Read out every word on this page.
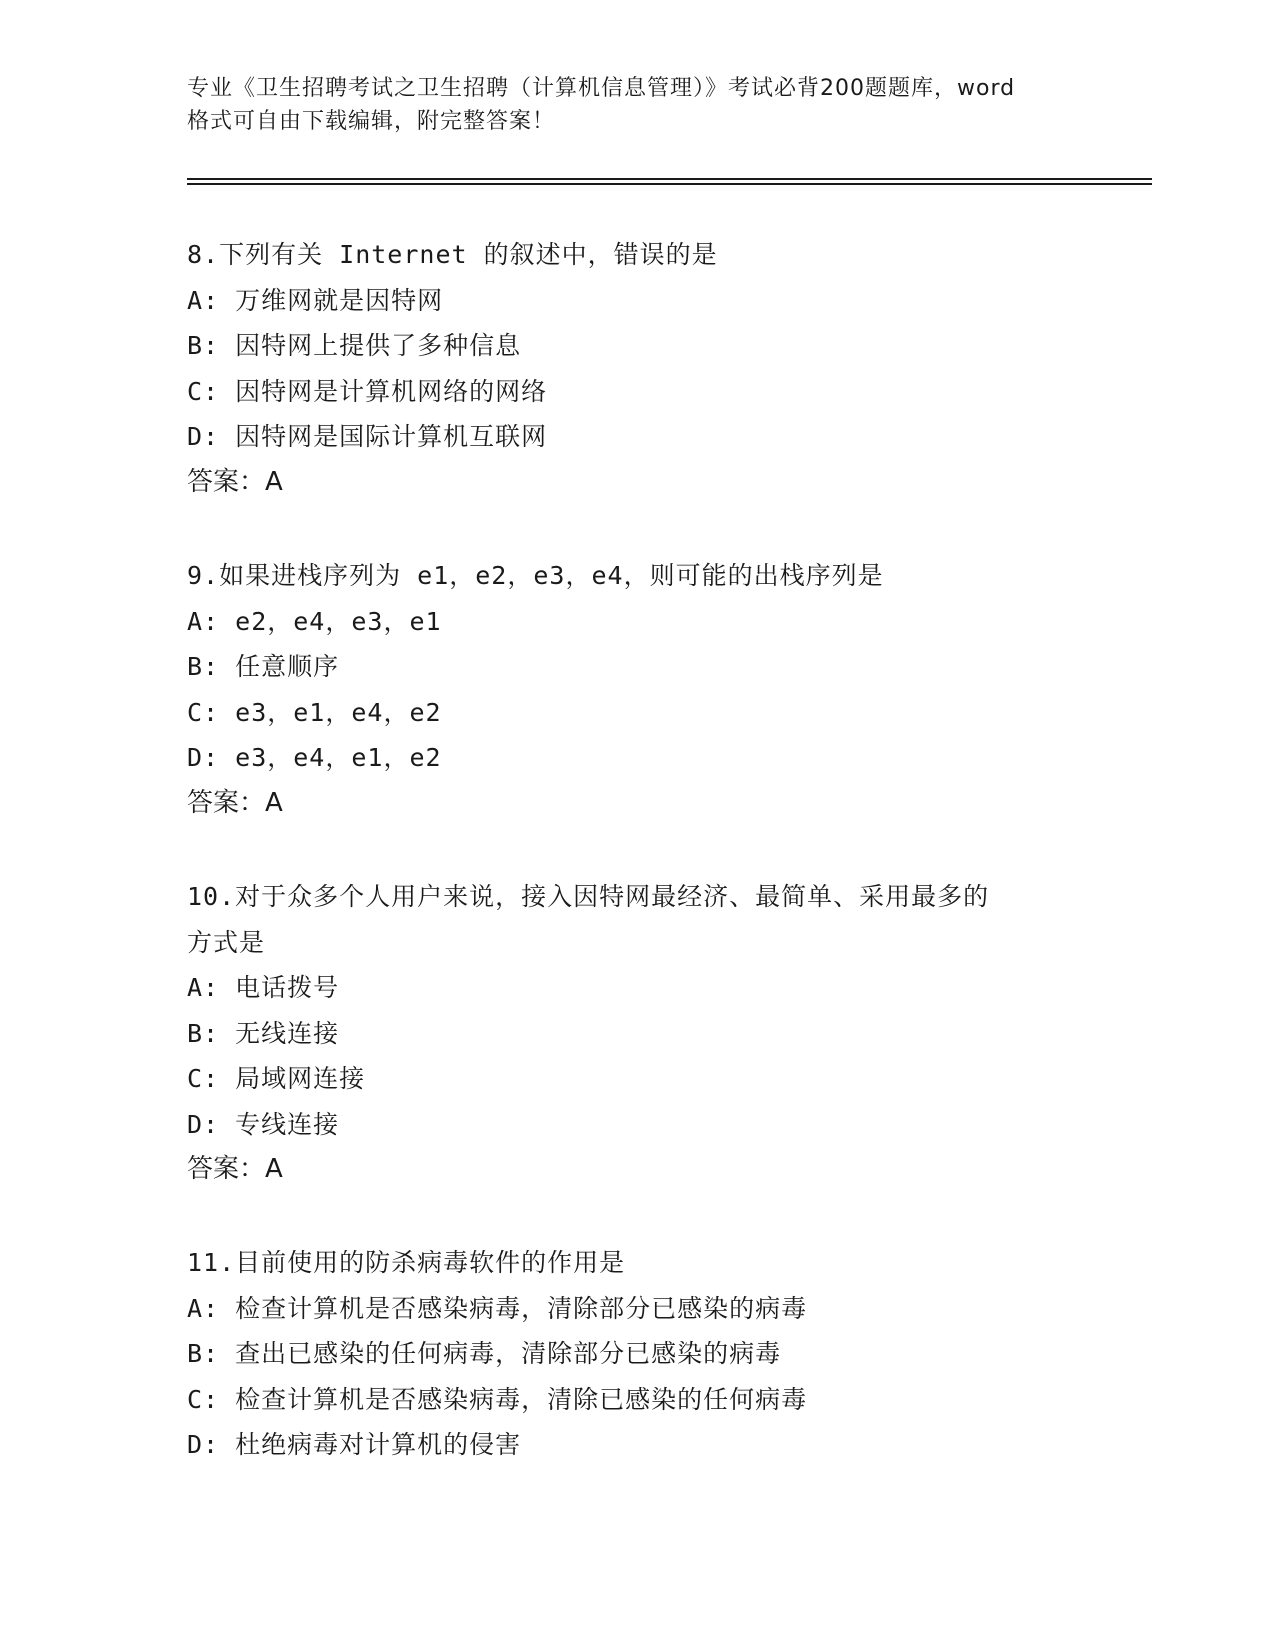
专业《卫生招聘考试之卫生招聘（计算机信息管理）》考试必背200题题库，word
格式可自由下载编辑，附完整答案！
8.下列有关 Internet 的叙述中，错误的是
A: 万维网就是因特网
B: 因特网上提供了多种信息
C: 因特网是计算机网络的网络
D: 因特网是国际计算机互联网
答案：A
9.如果进栈序列为 e1，e2，e3，e4，则可能的出栈序列是
A: e2，e4，e3，e1
B: 任意顺序
C: e3，e1，e4，e2
D: e3，e4，e1，e2
答案：A
10.对于众多个人用户来说，接入因特网最经济、最简单、采用最多的
方式是
A: 电话拨号
B: 无线连接
C: 局域网连接
D: 专线连接
答案：A
11.目前使用的防杀病毒软件的作用是
A: 检查计算机是否感染病毒，清除部分已感染的病毒
B: 查出已感染的任何病毒，清除部分已感染的病毒
C: 检查计算机是否感染病毒，清除已感染的任何病毒
D: 杜绝病毒对计算机的侵害
